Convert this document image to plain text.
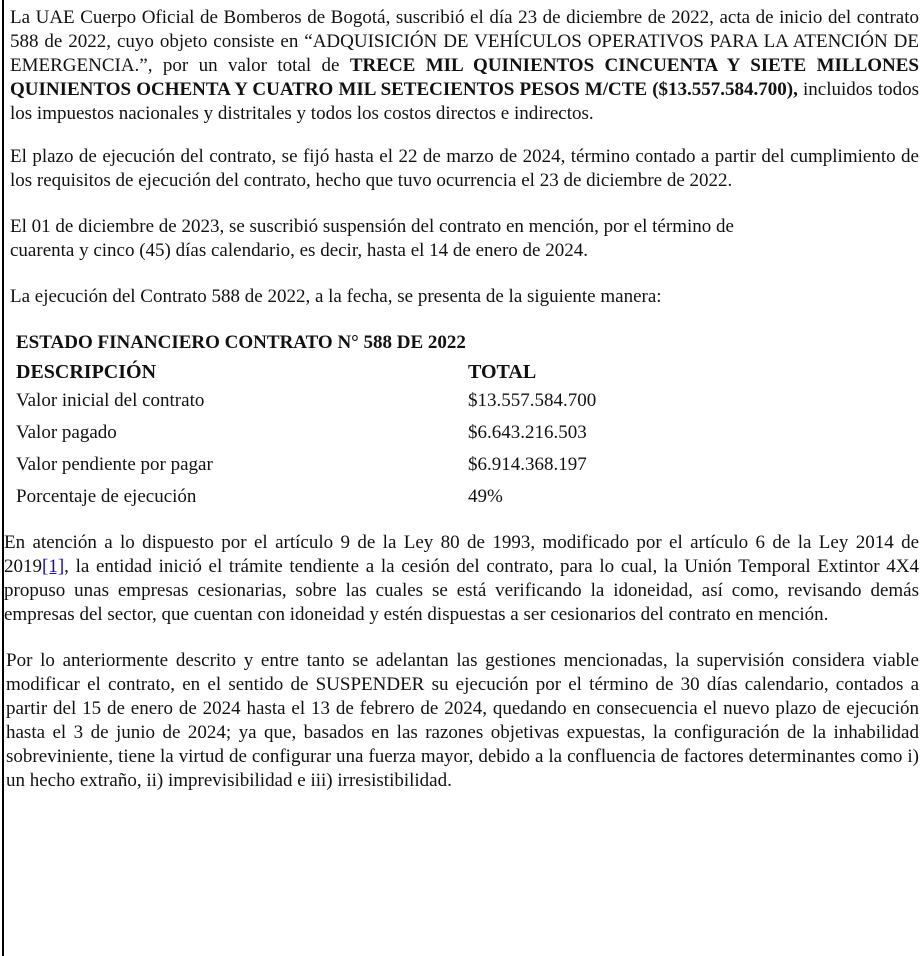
La UAE Cuerpo Oficial de Bomberos de Bogotá, suscribió el día 23 de diciembre de 2022, acta de inicio del contrato 588 de 2022, cuyo objeto consiste en “ADQUISICIÓN DE VEHÍCULOS OPERATIVOS PARA LA ATENCIÓN DE EMERGENCIA.”, por un valor total de TRECE MIL QUINIENTOS CINCUENTA Y SIETE MILLONES QUINIENTOS OCHENTA Y CUATRO MIL SETECIENTOS PESOS M/CTE ($13.557.584.700), incluidos todos los impuestos nacionales y distritales y todos los costos directos e indirectos.

El plazo de ejecución del contrato, se fijó hasta el 22 de marzo de 2024, término contado a partir del cumplimiento de los requisitos de ejecución del contrato, hecho que tuvo ocurrencia el 23 de diciembre de 2022.

El 01 de diciembre de 2023, se suscribió suspensión del contrato en mención, por el término de
cuarenta y cinco (45) días calendario, es decir, hasta el 14 de enero de 2024.

La ejecución del Contrato 588 de 2022, a la fecha, se presenta de la siguiente manera:

ESTADO FINANCIERO CONTRATO N° 588 DE 2022
DESCRIPCIÓN	TOTAL
Valor inicial del contrato	$13.557.584.700
Valor pagado	$6.643.216.503
Valor pendiente por pagar	$6.914.368.197
Porcentaje de ejecución	49%

En atención a lo dispuesto por el artículo 9 de la Ley 80 de 1993, modificado por el artículo 6 de la Ley 2014 de 2019[1], la entidad inició el trámite tendiente a la cesión del contrato, para lo cual, la Unión Temporal Extintor 4X4 propuso unas empresas cesionarias, sobre las cuales se está verificando la idoneidad, así como, revisando demás empresas del sector, que cuentan con idoneidad y estén dispuestas a ser cesionarios del contrato en mención.

Por lo anteriormente descrito y entre tanto se adelantan las gestiones mencionadas, la supervisión considera viable modificar el contrato, en el sentido de SUSPENDER su ejecución por el término de 30 días calendario, contados a partir del 15 de enero de 2024 hasta el 13 de febrero de 2024, quedando en consecuencia el nuevo plazo de ejecución hasta el 3 de junio de 2024; ya que, basados en las razones objetivas expuestas, la configuración de la inhabilidad sobreviniente, tiene la virtud de configurar una fuerza mayor, debido a la confluencia de factores determinantes como i) un hecho extraño, ii) imprevisibilidad e iii) irresistibilidad.
